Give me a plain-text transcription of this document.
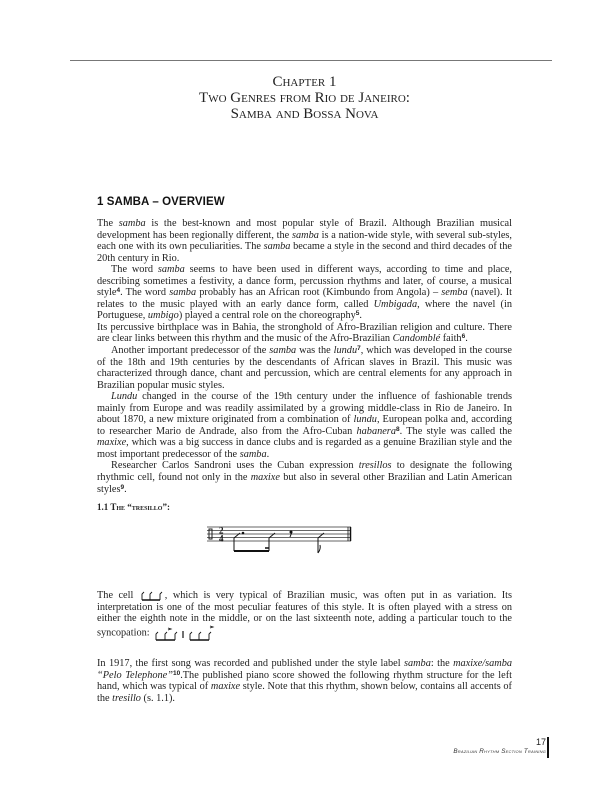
Chapter 1
Two Genres from Rio de Janeiro:
Samba and Bossa Nova
1 SAMBA – OVERVIEW

The samba is the best-known and most popular style of Brazil. Although Brazilian musical development has been regionally different, the samba is a nation-wide style, with several sub-styles, each one with its own peculiarities. The samba became a style in the second and third decades of the 20th century in Rio.

The word samba seems to have been used in different ways, according to time and place, describing sometimes a festivity, a dance form, percussion rhythms and later, of course, a musical style$^4$. The word samba probably has an African root (Kimbundo from Angola) – semba (navel). It relates to the music played with an early dance form, called Umbigada, where the navel (in Portuguese, umbigo) played a central role on the choreography$^5$.

Its percussive birthplace was in Bahia, the stronghold of Afro-Brazilian religion and culture. There are clear links between this rhythm and the music of the Afro-Brazilian Candomblé faith$^6$.

Another important predecessor of the samba was the lundu$^7$, which was developed in the course of the 18th and 19th centuries by the descendants of African slaves in Brazil. This music was characterized through dance, chant and percussion, which are central elements for any approach in Brazilian popular music styles.

Lundu changed in the course of the 19th century under the influence of fashionable trends mainly from Europe and was readily assimilated by a growing middle-class in Rio de Janeiro. In about 1870, a new mixture originated from a combination of lundu, European polka and, according to researcher Mario de Andrade, also from the Afro-Cuban habanera$^8$. The style was called the maxixe, which was a big success in dance clubs and is regarded as a genuine Brazilian style and the most important predecessor of the samba.

Researcher Carlos Sandroni uses the Cuban expression tresillos to designate the following rhythmic cell, found not only in the maxixe but also in several other Brazilian and Latin American styles$^9$.

1.1 The “tresillo”:
2
4

The cell	, which is very typical of Brazilian music, was often put in as variation. Its interpretation is one of the most peculiar features of this style. It is often played with a stress on either the eighth note in the middle, or on the last sixteenth note, adding a particular touch to the syncopation:

In 1917, the first song was recorded and published under the style label samba: the maxixe/samba “Pelo Telephone”$^{10}$.The published piano score showed the following rhythm structure for the left hand, which was typical of maxixe style. Note that this rhythm, shown below, contains all accents of the tresillo (s. 1.1).

17
Brazilian Rhythm Section Training
